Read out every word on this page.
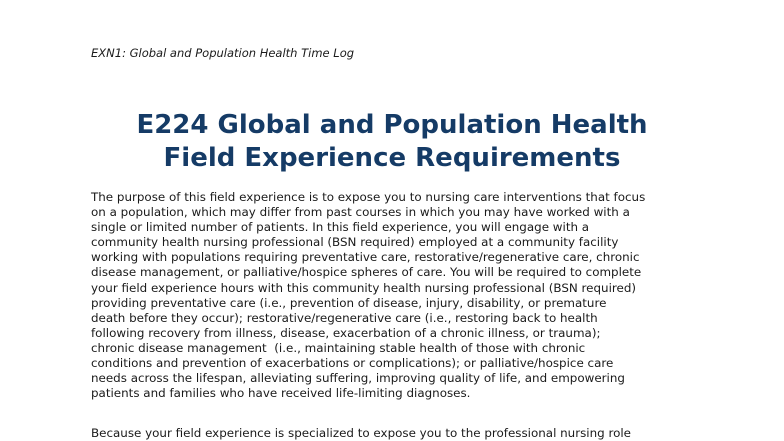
EXN1: Global and Population Health Time Log
E224 Global and Population Health
Field Experience Requirements
The purpose of this field experience is to expose you to nursing care interventions that focus
on a population, which may differ from past courses in which you may have worked with a
single or limited number of patients. In this field experience, you will engage with a
community health nursing professional (BSN required) employed at a community facility
working with populations requiring preventative care, restorative/regenerative care, chronic
disease management, or palliative/hospice spheres of care. You will be required to complete
your field experience hours with this community health nursing professional (BSN required)
providing preventative care (i.e., prevention of disease, injury, disability, or premature
death before they occur); restorative/regenerative care (i.e., restoring back to health
following recovery from illness, disease, exacerbation of a chronic illness, or trauma);
chronic disease management  (i.e., maintaining stable health of those with chronic
conditions and prevention of exacerbations or complications); or palliative/hospice care
needs across the lifespan, alleviating suffering, improving quality of life, and empowering
patients and families who have received life-limiting diagnoses.
Because your field experience is specialized to expose you to the professional nursing role
